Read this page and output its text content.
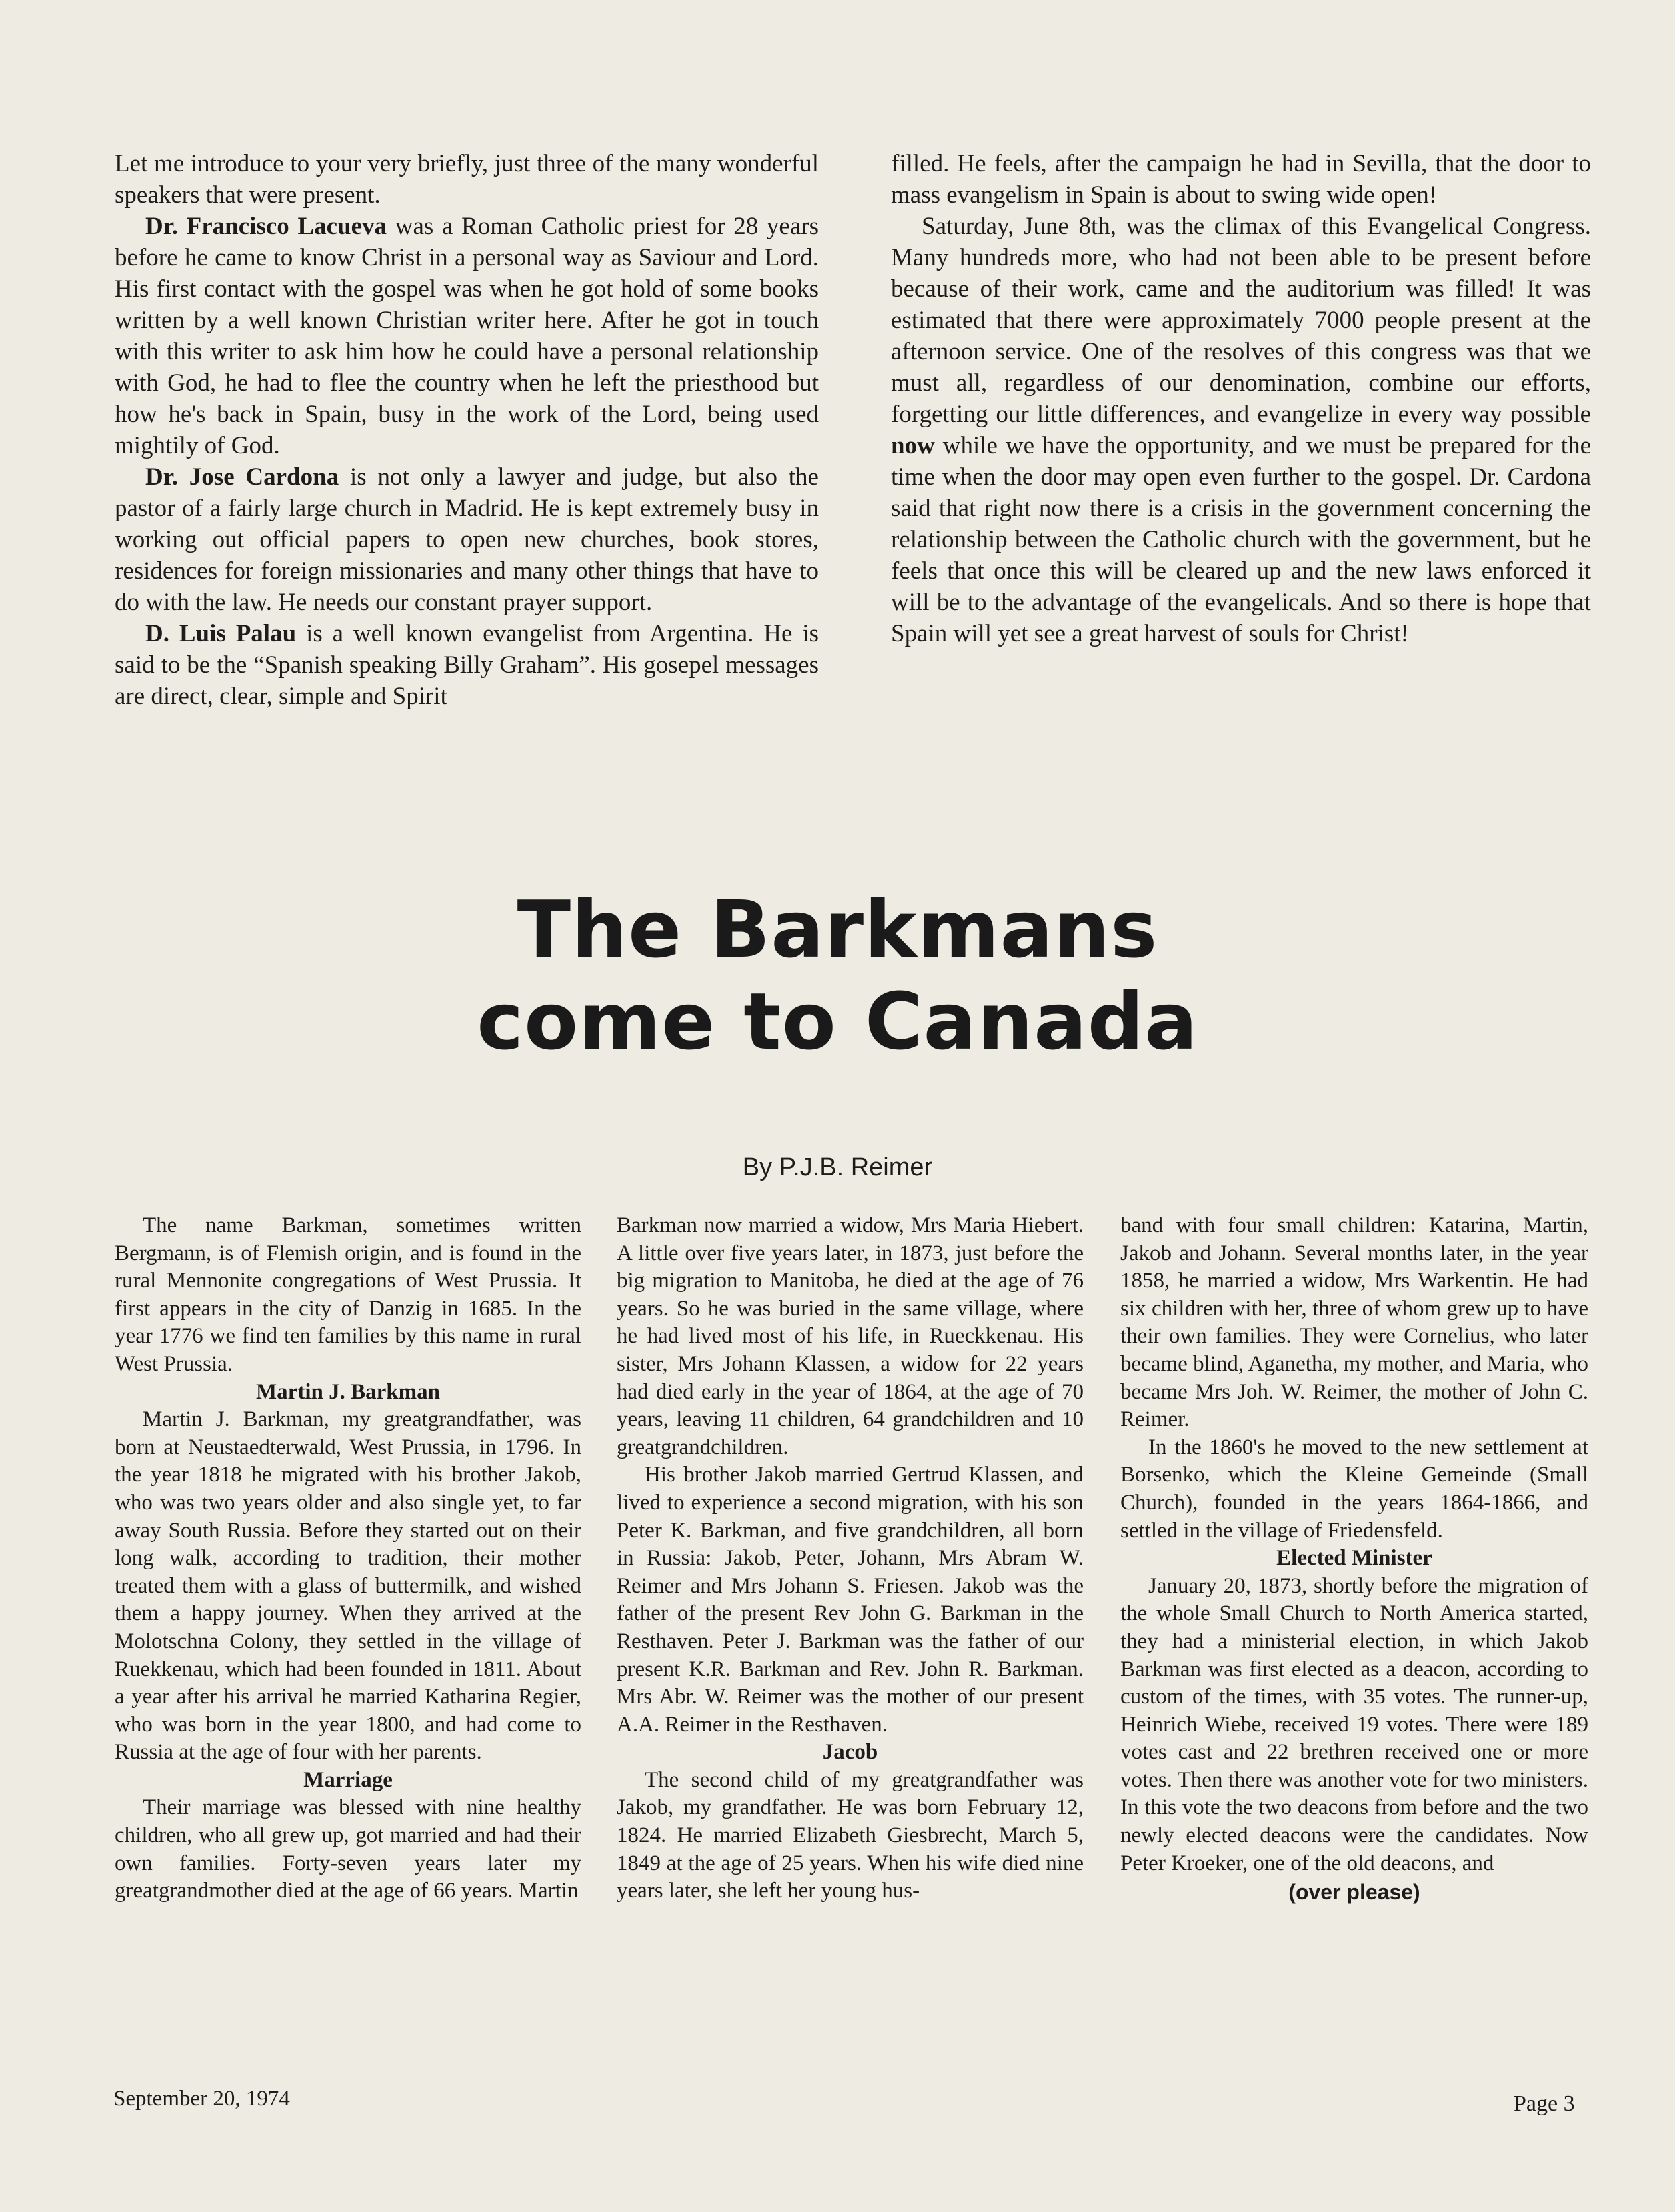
Let me introduce to your very briefly, just three of the many wonderful speakers that were present.

Dr. Francisco Lacueva was a Roman Catholic priest for 28 years before he came to know Christ in a personal way as Saviour and Lord. His first contact with the gospel was when he got hold of some books written by a well known Christian writer here. After he got in touch with this writer to ask him how he could have a personal relationship with God, he had to flee the country when he left the priesthood but how he's back in Spain, busy in the work of the Lord, being used mightily of God.

Dr. Jose Cardona is not only a lawyer and judge, but also the pastor of a fairly large church in Madrid. He is kept extremely busy in working out official papers to open new churches, book stores, residences for foreign missionaries and many other things that have to do with the law. He needs our constant prayer support.

D. Luis Palau is a well known evangelist from Argentina. He is said to be the “Spanish speaking Billy Graham”. His gosepel messages are direct, clear, simple and Spirit

filled. He feels, after the campaign he had in Sevilla, that the door to mass evangelism in Spain is about to swing wide open!

Saturday, June 8th, was the climax of this Evangelical Congress. Many hundreds more, who had not been able to be present before because of their work, came and the auditorium was filled! It was estimated that there were approximately 7000 people present at the afternoon service. One of the resolves of this congress was that we must all, regardless of our denomination, combine our efforts, forgetting our little differences, and evangelize in every way possible now while we have the opportunity, and we must be prepared for the time when the door may open even further to the gospel. Dr. Cardona said that right now there is a crisis in the government concerning the relationship between the Catholic church with the government, but he feels that once this will be cleared up and the new laws enforced it will be to the advantage of the evangelicals. And so there is hope that Spain will yet see a great harvest of souls for Christ!

The Barkmans
come to Canada
By P.J.B. Reimer

The name Barkman, sometimes written Bergmann, is of Flemish origin, and is found in the rural Mennonite congregations of West Prussia. It first appears in the city of Danzig in 1685. In the year 1776 we find ten families by this name in rural West Prussia.

Martin J. Barkman

Martin J. Barkman, my greatgrandfather, was born at Neustaedterwald, West Prussia, in 1796. In the year 1818 he migrated with his brother Jakob, who was two years older and also single yet, to far away South Russia. Before they started out on their long walk, according to tradition, their mother treated them with a glass of buttermilk, and wished them a happy journey. When they arrived at the Molotschna Colony, they settled in the village of Ruekkenau, which had been founded in 1811. About a year after his arrival he married Katharina Regier, who was born in the year 1800, and had come to Russia at the age of four with her parents.

Marriage

Their marriage was blessed with nine healthy children, who all grew up, got married and had their own families. Forty-seven years later my greatgrandmother died at the age of 66 years. Martin

Barkman now married a widow, Mrs Maria Hiebert. A little over five years later, in 1873, just before the big migration to Manitoba, he died at the age of 76 years. So he was buried in the same village, where he had lived most of his life, in Rueckkenau. His sister, Mrs Johann Klassen, a widow for 22 years had died early in the year of 1864, at the age of 70 years, leaving 11 children, 64 grandchildren and 10 greatgrandchildren.

His brother Jakob married Gertrud Klassen, and lived to experience a second migration, with his son Peter K. Barkman, and five grandchildren, all born in Russia: Jakob, Peter, Johann, Mrs Abram W. Reimer and Mrs Johann S. Friesen. Jakob was the father of the present Rev John G. Barkman in the Resthaven. Peter J. Barkman was the father of our present K.R. Barkman and Rev. John R. Barkman. Mrs Abr. W. Reimer was the mother of our present A.A. Reimer in the Resthaven.

Jacob

The second child of my greatgrandfather was Jakob, my grandfather. He was born February 12, 1824. He married Elizabeth Giesbrecht, March 5, 1849 at the age of 25 years. When his wife died nine years later, she left her young hus-

band with four small children: Katarina, Martin, Jakob and Johann. Several months later, in the year 1858, he married a widow, Mrs Warkentin. He had six children with her, three of whom grew up to have their own families. They were Cornelius, who later became blind, Aganetha, my mother, and Maria, who became Mrs Joh. W. Reimer, the mother of John C. Reimer.

In the 1860's he moved to the new settlement at Borsenko, which the Kleine Gemeinde (Small Church), founded in the years 1864-1866, and settled in the village of Friedensfeld.

Elected Minister

January 20, 1873, shortly before the migration of the whole Small Church to North America started, they had a ministerial election, in which Jakob Barkman was first elected as a deacon, according to custom of the times, with 35 votes. The runner-up, Heinrich Wiebe, received 19 votes. There were 189 votes cast and 22 brethren received one or more votes. Then there was another vote for two ministers. In this vote the two deacons from before and the two newly elected deacons were the candidates. Now Peter Kroeker, one of the old deacons, and

(over please)
September 20, 1974	Page 3
